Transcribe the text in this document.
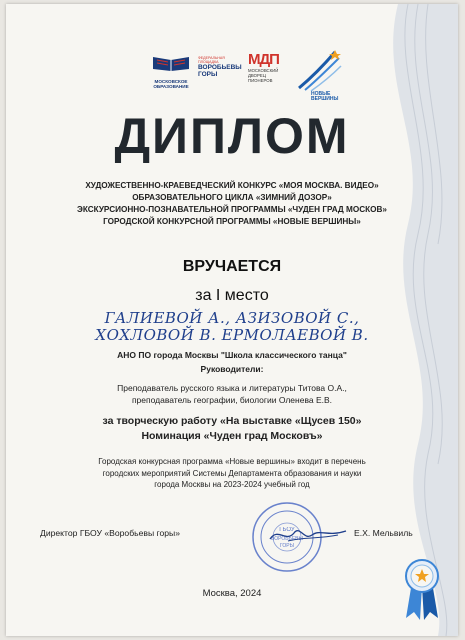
МОСКОВСКОЕ ОБРАЗОВАНИЕ
ФЕДЕРАЛЬНАЯ ПЛОЩАДКА
ВОРОБЬЕВЫ ГОРЫ
МДП
МОСКОВСКИЙ ДВОРЕЦ ПИОНЕРОВ
НОВЫЕ ВЕРШИНЫ
ДИПЛОМ
ХУДОЖЕСТВЕННО-КРАЕВЕДЧЕСКИЙ КОНКУРС «МОЯ МОСКВА. ВИДЕО»
ОБРАЗОВАТЕЛЬНОГО ЦИКЛА «ЗИМНИЙ ДОЗОР»
ЭКСКУРСИОННО-ПОЗНАВАТЕЛЬНОЙ ПРОГРАММЫ «ЧУДЕН ГРАД МОСКОВ»
ГОРОДСКОЙ КОНКУРСНОЙ ПРОГРАММЫ «НОВЫЕ ВЕРШИНЫ»
ВРУЧАЕТСЯ
за I место
ГАЛИЕВОЙ А., АЗИЗОВОЙ С.,
ХОХЛОВОЙ В. ЕРМОЛАЕВОЙ В.
АНО ПО города Москвы "Школа классического танца"
Руководители:
Преподаватель русского языка и литературы Титова О.А.,
преподаватель географии, биологии Оленева Е.В.
за творческую работу «На выставке «Щусев 150»
Номинация «Чуден град Московъ»
Городская конкурсная программа «Новые вершины» входит в перечень
городских мероприятий Системы Департамента образования и науки
города Москвы на 2023-2024 учебный год
ГБОУ
ВОРОБЬЕВЫ
ГОРЫ
Директор ГБОУ «Воробьевы горы»	Е.Х. Мельвиль
Москва, 2024
